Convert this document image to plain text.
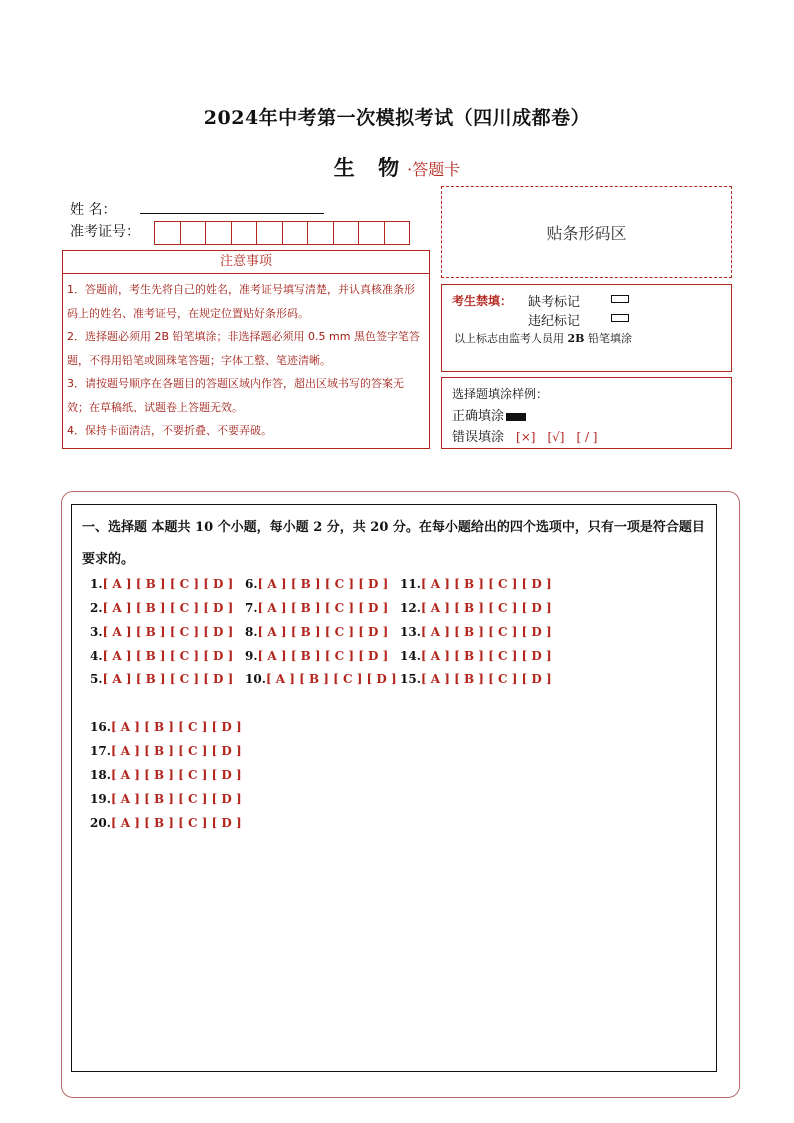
2024年中考第一次模拟考试（四川成都卷）
生 物·答题卡
姓 名：
准考证号：	贴条形码区
注意事项
1．答题前，考生先将自己的姓名，准考证号填写清楚，并认真核准条形码上的姓名、准考证号，在规定位置贴好条形码。
2．选择题必须用 2B 铅笔填涂；非选择题必须用 0.5 mm 黑色签字笔答题，不得用铅笔或圆珠笔答题；字体工整、笔迹清晰。
3．请按题号顺序在各题目的答题区域内作答，超出区域书写的答案无效；在草稿纸、试题卷上答题无效。
4．保持卡面清洁，不要折叠、不要弄破。
考生禁填： 缺考标记
违纪标记
以上标志由监考人员用 2B 铅笔填涂
选择题填涂样例：
正确填涂
错误填涂 [×] [√] [ / ]
一、选择题 本题共 10 个小题，每小题 2 分，共 20 分。在每小题给出的四个选项中，只有一项是符合题目要求的。
1.[ A ] [ B ] [ C ] [ D ]
2.[ A ] [ B ] [ C ] [ D ]
3.[ A ] [ B ] [ C ] [ D ]
4.[ A ] [ B ] [ C ] [ D ]
5.[ A ] [ B ] [ C ] [ D ]
6.[ A ] [ B ] [ C ] [ D ]
7.[ A ] [ B ] [ C ] [ D ]
8.[ A ] [ B ] [ C ] [ D ]
9.[ A ] [ B ] [ C ] [ D ]
10.[ A ] [ B ] [ C ] [ D ]
11.[ A ] [ B ] [ C ] [ D ]
12.[ A ] [ B ] [ C ] [ D ]
13.[ A ] [ B ] [ C ] [ D ]
14.[ A ] [ B ] [ C ] [ D ]
15.[ A ] [ B ] [ C ] [ D ]
16.[ A ] [ B ] [ C ] [ D ]
17.[ A ] [ B ] [ C ] [ D ]
18.[ A ] [ B ] [ C ] [ D ]
19.[ A ] [ B ] [ C ] [ D ]
20.[ A ] [ B ] [ C ] [ D ]
